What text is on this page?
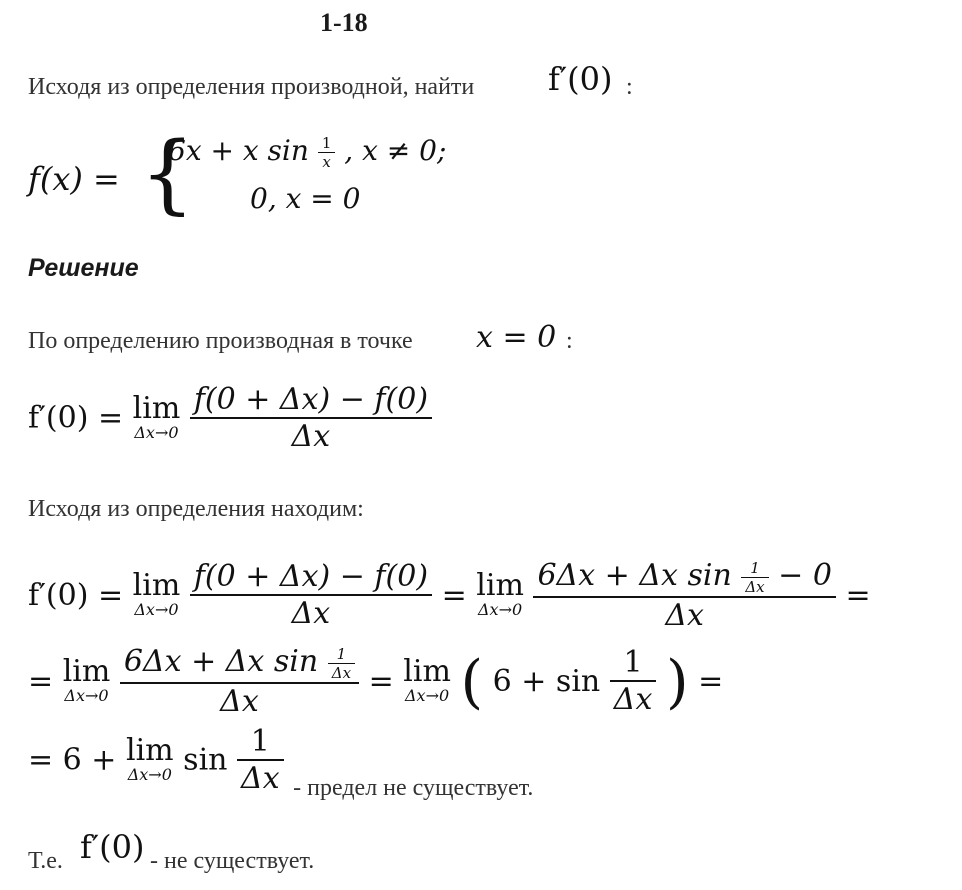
1-18
Исходя из определения производной, найти f′(0) :
f(x) = {
6x + x $\sin \frac{1}{x}$ , x ≠ 0;
0, x = 0
Решение
По определению производная в точке x = 0 :
f′(0) = lim
Δx→0
$\frac{f(0 + \Delta x) - f(0)}{\Delta x}$
Исходя из определения находим:
f′(0) = lim
Δx→0
$\frac{f(0 + \Delta x) - f(0)}{\Delta x} = \lim$
Δx→0

6Δx + Δx $\sin \frac{1}{\Delta x} - 0$
Δx
=
= lim
Δx→0
$\frac{6\Delta x + \Delta x \sin \frac{1}{\Delta x}}{\Delta x} = \lim$
Δx→0 ( $6 + \sin \frac{1}{\Delta x}$ ) =
= 6 + lim
Δx→0 $\sin \frac{1}{\Delta x} _{- предел не существует.}$
Т.е. f′(0) - не существует.
